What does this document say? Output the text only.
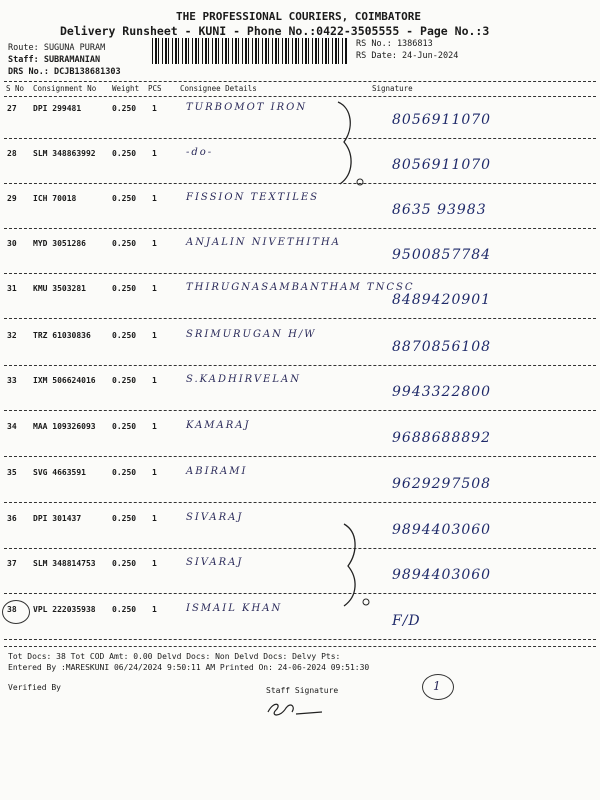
THE PROFESSIONAL COURIERS, COIMBATORE
Delivery Runsheet - KUNI - Phone No.:0422-3505555 - Page No.:3
Route: SUGUNA PURAM
Staff: SUBRAMANIAN
DRS No.: DCJB138681303
RS No.: 1386813
RS Date: 24-Jun-2024
S No Consignment No Weight PCS Consignee Details	Signature
27 DPI 299481	0.250 1	TURBOMOT IRON
8056911070
28 SLM 348863992 0.250 1	-do-
8056911070
29 ICH 70018	0.250 1	FISSION TEXTILES
8635 93983
30 MYD 3051286	0.250 1	ANJALIN NIVETHITHA
9500857784
31 KMU 3503281	0.250 1	THIRUGNASAMBANTHAM TNCSC
8489420901
32 TRZ 61030836	0.250 1	SRIMURUGAN H/W
8870856108
33 IXM 506624016 0.250 1	S.KADHIRVELAN
9943322800
34 MAA 109326093 0.250 1	KAMARAJ
9688688892
35 SVG 4663591	0.250 1	ABIRAMI
9629297508
36 DPI 301437	0.250 1	SIVARAJ
9894403060
37 SLM 348814753 0.250 1	SIVARAJ
9894403060
38 VPL 222035938 0.250 1	ISMAIL KHAN
F/D
Tot Docs: 38 Tot COD Amt: 0.00 Delvd Docs: Non Delvd Docs: Delvy Pts:
Entered By :MARESKUNI 06/24/2024 9:50:11 AM Printed On: 24-06-2024 09:51:30
Verified By	Staff Signature	1
